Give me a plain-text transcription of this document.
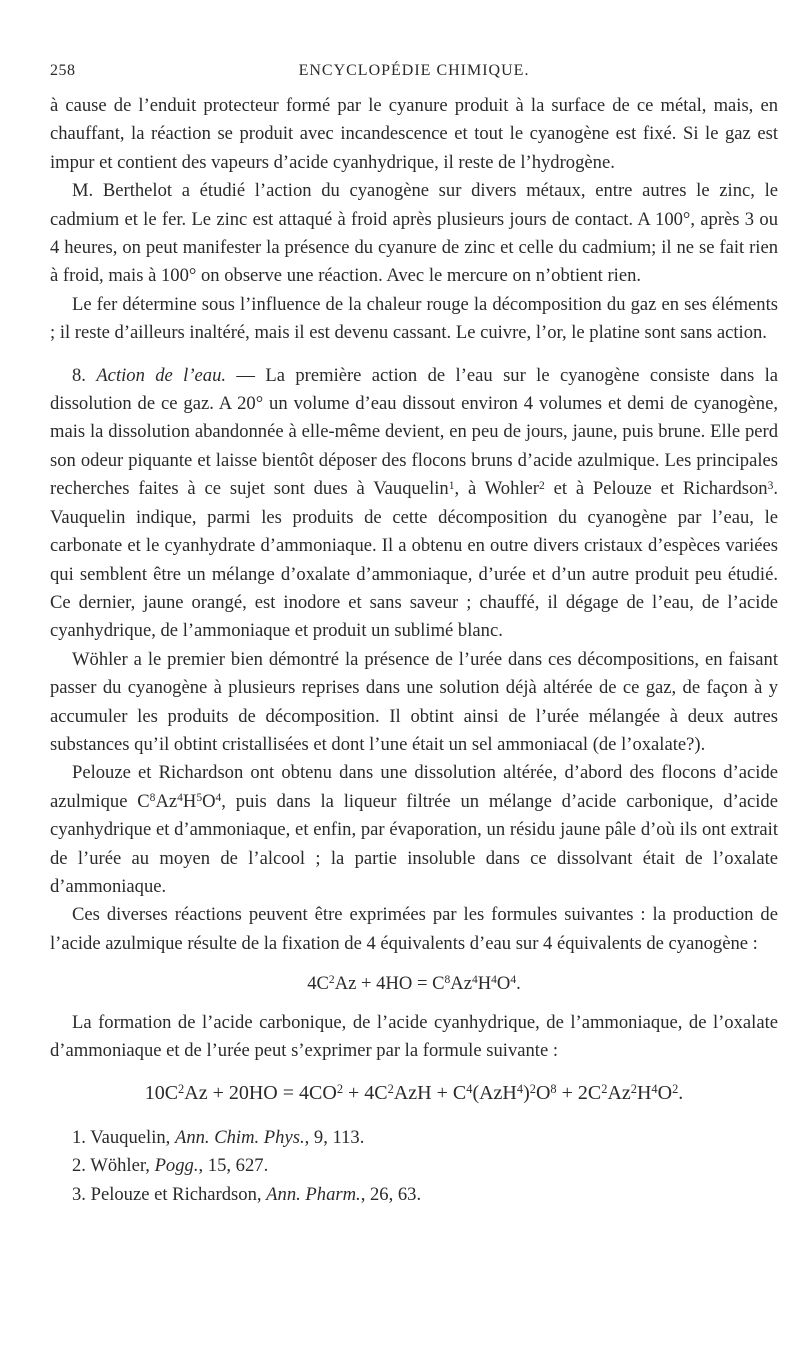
258	ENCYCLOPÉDIE CHIMIQUE.

à cause de l’enduit protecteur formé par le cyanure produit à la surface de ce métal, mais, en chauffant, la réaction se produit avec incandescence et tout le cyanogène est fixé. Si le gaz est impur et contient des vapeurs d’acide cyanhydrique, il reste de l’hydrogène.

M. Berthelot a étudié l’action du cyanogène sur divers métaux, entre autres le zinc, le cadmium et le fer. Le zinc est attaqué à froid après plusieurs jours de contact. A 100°, après 3 ou 4 heures, on peut manifester la présence du cyanure de zinc et celle du cadmium; il ne se fait rien à froid, mais à 100° on observe une réaction. Avec le mercure on n’obtient rien.

Le fer détermine sous l’influence de la chaleur rouge la décomposition du gaz en ses éléments ; il reste d’ailleurs inaltéré, mais il est devenu cassant. Le cuivre, l’or, le platine sont sans action.

8. Action de l’eau. — La première action de l’eau sur le cyanogène consiste dans la dissolution de ce gaz. A 20° un volume d’eau dissout environ 4 volumes et demi de cyanogène, mais la dissolution abandonnée à elle-même devient, en peu de jours, jaune, puis brune. Elle perd son odeur piquante et laisse bientôt déposer des flocons bruns d’acide azulmique. Les principales recherches faites à ce sujet sont dues à Vauquelin$^1$, à Wohler$^2$ et à Pelouze et Richardson$^3$. Vauquelin indique, parmi les produits de cette décomposition du cyanogène par l’eau, le carbonate et le cyanhydrate d’ammoniaque. Il a obtenu en outre divers cristaux d’espèces variées qui semblent être un mélange d’oxalate d’ammoniaque, d’urée et d’un autre produit peu étudié. Ce dernier, jaune orangé, est inodore et sans saveur ; chauffé, il dégage de l’eau, de l’acide cyanhydrique, de l’ammoniaque et produit un sublimé blanc.

Wöhler a le premier bien démontré la présence de l’urée dans ces décompositions, en faisant passer du cyanogène à plusieurs reprises dans une solution déjà altérée de ce gaz, de façon à y accumuler les produits de décomposition. Il obtint ainsi de l’urée mélangée à deux autres substances qu’il obtint cristallisées et dont l’une était un sel ammoniacal (de l’oxalate?).

Pelouze et Richardson ont obtenu dans une dissolution altérée, d’abord des flocons d’acide azulmique $C^8Az^4H^5O^4$, puis dans la liqueur filtrée un mélange d’acide carbonique, d’acide cyanhydrique et d’ammoniaque, et enfin, par évaporation, un résidu jaune pâle d’où ils ont extrait de l’urée au moyen de l’alcool ; la partie insoluble dans ce dissolvant était de l’oxalate d’ammoniaque.

Ces diverses réactions peuvent être exprimées par les formules suivantes : la production de l’acide azulmique résulte de la fixation de 4 équivalents d’eau sur 4 équivalents de cyanogène :

$4C^2Az + 4HO = C^8Az^4H^4O^4$.

La formation de l’acide carbonique, de l’acide cyanhydrique, de l’ammoniaque, de l’oxalate d’ammoniaque et de l’urée peut s’exprimer par la formule suivante :

$10C^2Az + 20HO = 4CO^2 + 4C^2AzH + C^4(AzH^4)^2O^8 + 2C^2Az^2H^4O^2$.

1. Vauquelin, Ann. Chim. Phys., 9, 113.

2. Wöhler, Pogg., 15, 627.

3. Pelouze et Richardson, Ann. Pharm., 26, 63.
